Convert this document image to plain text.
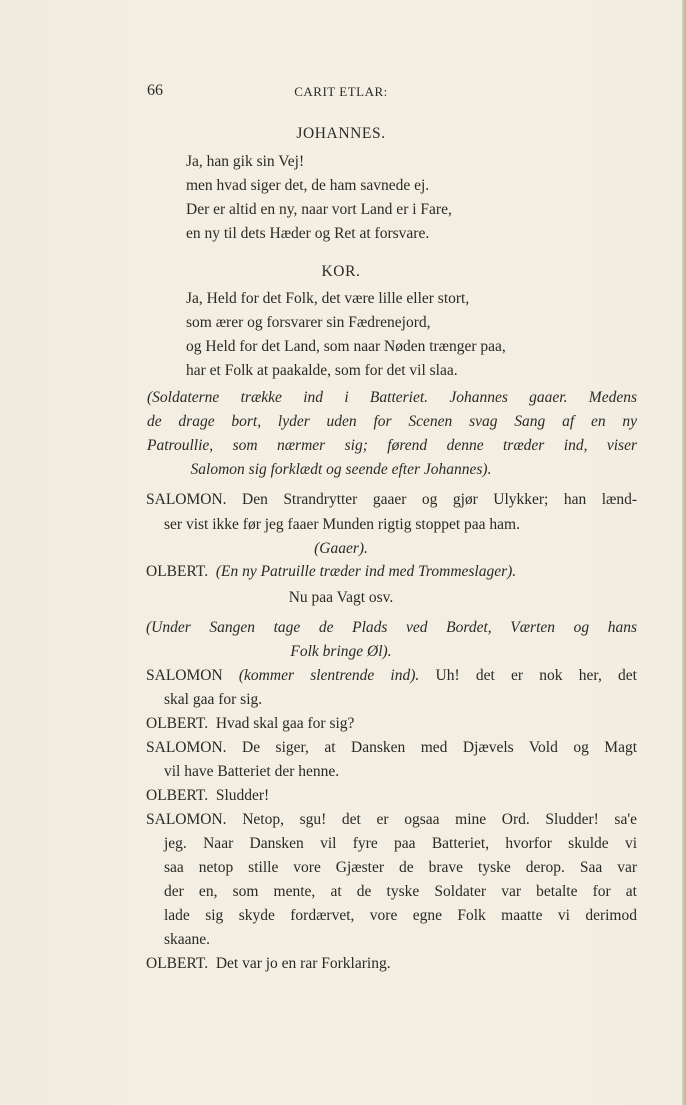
66	CARIT ETLAR:
JOHANNES.
Ja, han gik sin Vej!
men hvad siger det, de ham savnede ej.
Der er altid en ny, naar vort Land er i Fare,
en ny til dets Hæder og Ret at forsvare.
KOR.
Ja, Held for det Folk, det være lille eller stort,
som ærer og forsvarer sin Fædrenejord,
og Held for det Land, som naar Nøden trænger paa,
har et Folk at paakalde, som for det vil slaa.
(Soldaterne trække ind i Batteriet. Johannes gaaer. Medens
de drage bort, lyder uden for Scenen svag Sang af en ny
Patroullie, som nærmer sig; førend denne træder ind, viser
Salomon sig forklædt og seende efter Johannes).
SALOMON. Den Strandrytter gaaer og gjør Ulykker; han lænd-
ser vist ikke før jeg faaer Munden rigtig stoppet paa ham.
(Gaaer).
OLBERT. (En ny Patruille træder ind med Trommeslager).
Nu paa Vagt osv.
(Under Sangen tage de Plads ved Bordet, Værten og hans
Folk bringe Øl).
SALOMON (kommer slentrende ind). Uh! det er nok her, det
skal gaa for sig.
OLBERT. Hvad skal gaa for sig?
SALOMON. De siger, at Dansken med Djævels Vold og Magt
vil have Batteriet der henne.
OLBERT. Sludder!
SALOMON. Netop, sgu! det er ogsaa mine Ord. Sludder! sa'e
jeg. Naar Dansken vil fyre paa Batteriet, hvorfor skulde vi
saa netop stille vore Gjæster de brave tyske derop. Saa var
der en, som mente, at de tyske Soldater var betalte for at
lade sig skyde fordærvet, vore egne Folk maatte vi derimod
skaane.
OLBERT. Det var jo en rar Forklaring.
